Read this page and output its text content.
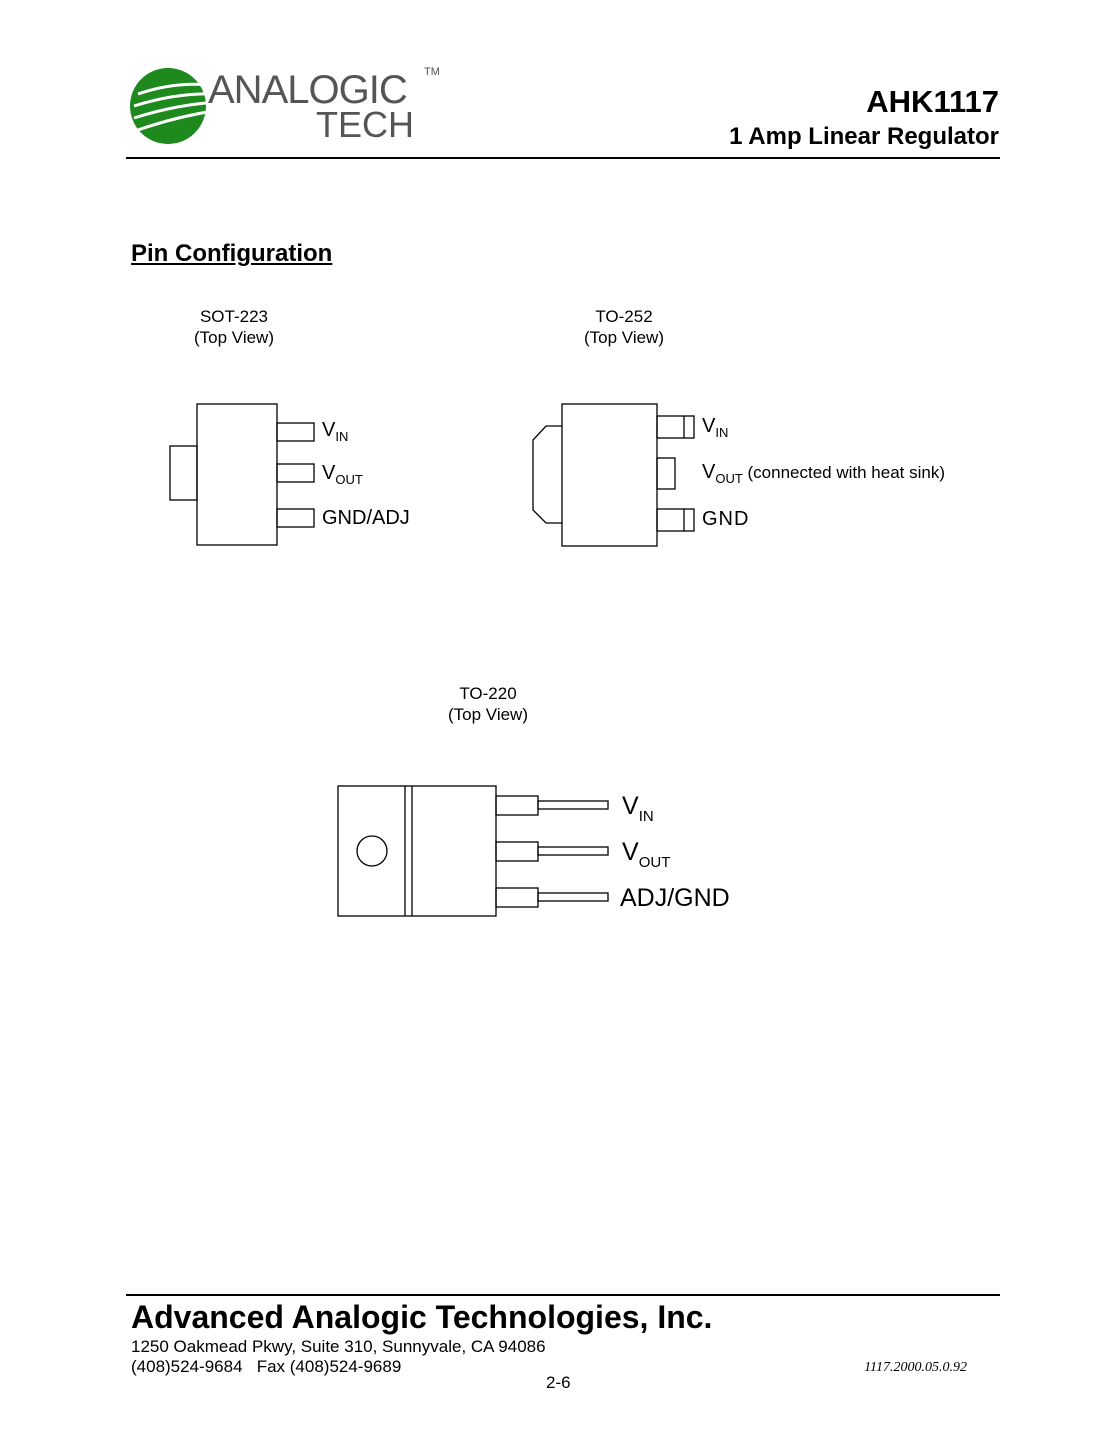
ANALOGIC TM
TECH
AHK1117
1 Amp Linear Regulator
Pin Configuration
SOT-223
(Top View)
TO-252
(Top View)
TO-220
(Top View)
$V_{IN}$
$V_{OUT}$
GND/ADJ
$V_{IN}$
$V_{OUT}$ (connected with heat sink)
GND
$V_{IN}$
$V_{OUT}$
ADJ/GND
Advanced Analogic Technologies, Inc.
1250 Oakmead Pkwy, Suite 310, Sunnyvale, CA 94086
(408)524-9684   Fax (408)524-9689
2-6
1117.2000.05.0.92
